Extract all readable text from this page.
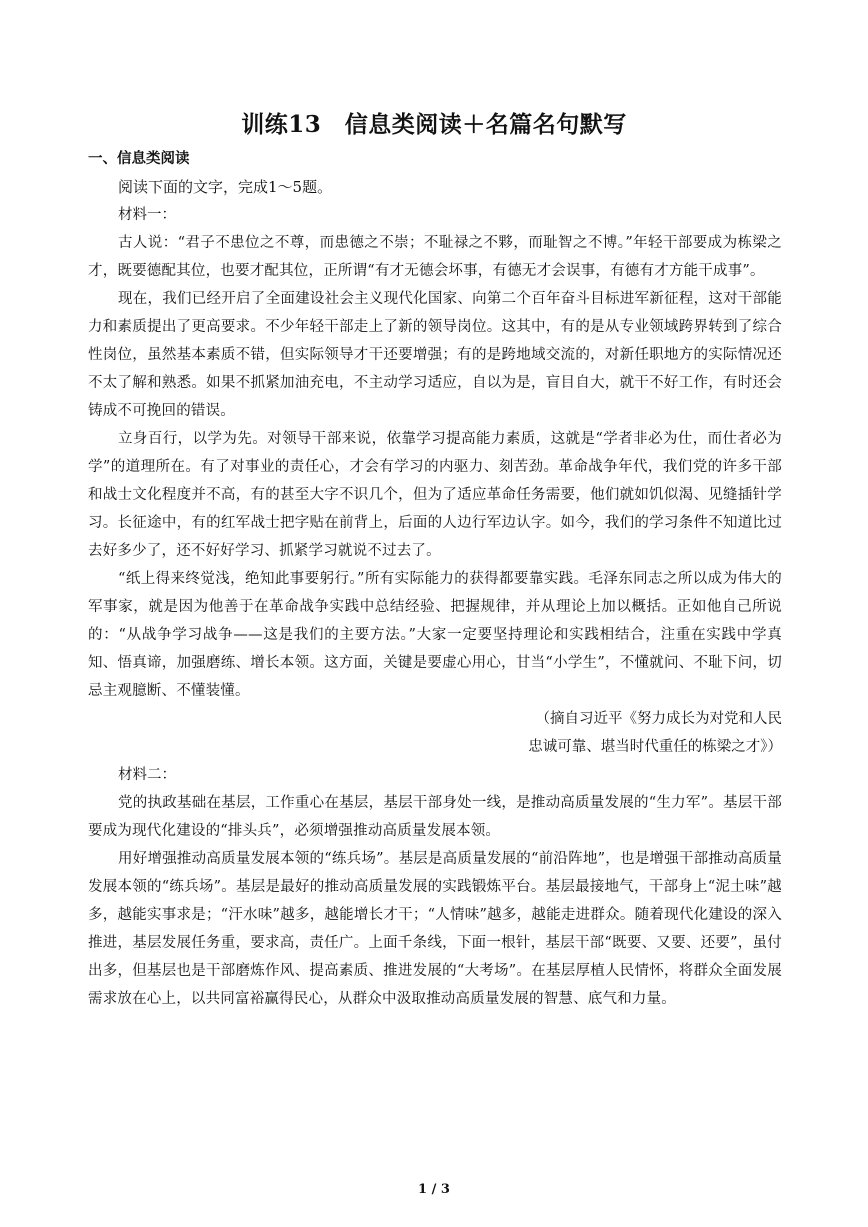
训练13　信息类阅读＋名篇名句默写

一、信息类阅读

阅读下面的文字，完成1～5题。

材料一：

古人说：“君子不患位之不尊，而患德之不崇；不耻禄之不夥，而耻智之不博。”年轻干部要成为栋梁之才，既要德配其位，也要才配其位，正所谓“有才无德会坏事，有德无才会误事，有德有才方能干成事”。

现在，我们已经开启了全面建设社会主义现代化国家、向第二个百年奋斗目标进军新征程，这对干部能力和素质提出了更高要求。不少年轻干部走上了新的领导岗位。这其中，有的是从专业领域跨界转到了综合性岗位，虽然基本素质不错，但实际领导才干还要增强；有的是跨地域交流的，对新任职地方的实际情况还不太了解和熟悉。如果不抓紧加油充电，不主动学习适应，自以为是，盲目自大，就干不好工作，有时还会铸成不可挽回的错误。

立身百行，以学为先。对领导干部来说，依靠学习提高能力素质，这就是“学者非必为仕，而仕者必为学”的道理所在。有了对事业的责任心，才会有学习的内驱力、刻苦劲。革命战争年代，我们党的许多干部和战士文化程度并不高，有的甚至大字不识几个，但为了适应革命任务需要，他们就如饥似渴、见缝插针学习。长征途中，有的红军战士把字贴在前背上，后面的人边行军边认字。如今，我们的学习条件不知道比过去好多少了，还不好好学习、抓紧学习就说不过去了。

“纸上得来终觉浅，绝知此事要躬行。”所有实际能力的获得都要靠实践。毛泽东同志之所以成为伟大的军事家，就是因为他善于在革命战争实践中总结经验、把握规律，并从理论上加以概括。正如他自己所说的：“从战争学习战争——这是我们的主要方法。”大家一定要坚持理论和实践相结合，注重在实践中学真知、悟真谛，加强磨练、增长本领。这方面，关键是要虚心用心，甘当“小学生”，不懂就问、不耻下问，切忌主观臆断、不懂装懂。

（摘自习近平《努力成长为对党和人民

忠诚可靠、堪当时代重任的栋梁之才》）

材料二：

党的执政基础在基层，工作重心在基层，基层干部身处一线，是推动高质量发展的“生力军”。基层干部要成为现代化建设的“排头兵”，必须增强推动高质量发展本领。

用好增强推动高质量发展本领的“练兵场”。基层是高质量发展的“前沿阵地”，也是增强干部推动高质量发展本领的“练兵场”。基层是最好的推动高质量发展的实践锻炼平台。基层最接地气，干部身上“泥土味”越多，越能实事求是；“汗水味”越多，越能增长才干；“人情味”越多，越能走进群众。随着现代化建设的深入推进，基层发展任务重，要求高，责任广。上面千条线，下面一根针，基层干部“既要、又要、还要”，虽付出多，但基层也是干部磨炼作风、提高素质、推进发展的“大考场”。在基层厚植人民情怀，将群众全面发展需求放在心上，以共同富裕赢得民心，从群众中汲取推动高质量发展的智慧、底气和力量。

1 / 3
